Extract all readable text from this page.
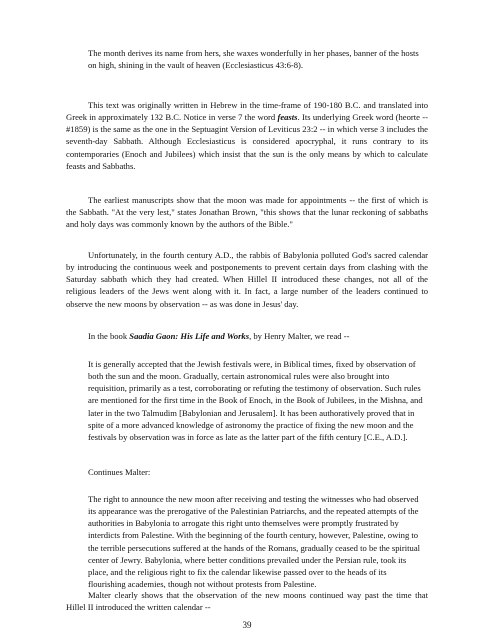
The month derives its name from hers, she waxes wonderfully in her phases, banner of the hosts on high, shining in the vault of heaven (Ecclesiasticus 43:6-8).

This text was originally written in Hebrew in the time-frame of 190-180 B.C. and translated into Greek in approximately 132 B.C. Notice in verse 7 the word feasts. Its underlying Greek word (heorte -- #1859) is the same as the one in the Septuagint Version of Leviticus 23:2 -- in which verse 3 includes the seventh-day Sabbath. Although Ecclesiasticus is considered apocryphal, it runs contrary to its contemporaries (Enoch and Jubilees) which insist that the sun is the only means by which to calculate feasts and Sabbaths.

The earliest manuscripts show that the moon was made for appointments -- the first of which is the Sabbath. "At the very lest," states Jonathan Brown, "this shows that the lunar reckoning of sabbaths and holy days was commonly known by the authors of the Bible."

Unfortunately, in the fourth century A.D., the rabbis of Babylonia polluted God's sacred calendar by introducing the continuous week and postponements to prevent certain days from clashing with the Saturday sabbath which they had created. When Hillel II introduced these changes, not all of the religious leaders of the Jews went along with it. In fact, a large number of the leaders continued to observe the new moons by observation -- as was done in Jesus' day.

In the book Saadia Gaon: His Life and Works, by Henry Malter, we read --

It is generally accepted that the Jewish festivals were, in Biblical times, fixed by observation of both the sun and the moon. Gradually, certain astronomical rules were also brought into requisition, primarily as a test, corroborating or refuting the testimony of observation. Such rules are mentioned for the first time in the Book of Enoch, in the Book of Jubilees, in the Mishna, and later in the two Talmudim [Babylonian and Jerusalem]. It has been authoratively proved that in spite of a more advanced knowledge of astronomy the practice of fixing the new moon and the festivals by observation was in force as late as the latter part of the fifth century [C.E., A.D.].

Continues Malter:

The right to announce the new moon after receiving and testing the witnesses who had observed its appearance was the prerogative of the Palestinian Patriarchs, and the repeated attempts of the authorities in Babylonia to arrogate this right unto themselves were promptly frustrated by interdicts from Palestine. With the beginning of the fourth century, however, Palestine, owing to the terrible persecutions suffered at the hands of the Romans, gradually ceased to be the spiritual center of Jewry. Babylonia, where better conditions prevailed under the Persian rule, took its place, and the religious right to fix the calendar likewise passed over to the heads of its flourishing academies, though not without protests from Palestine.

Malter clearly shows that the observation of the new moons continued way past the time that Hillel II introduced the written calendar --

39
